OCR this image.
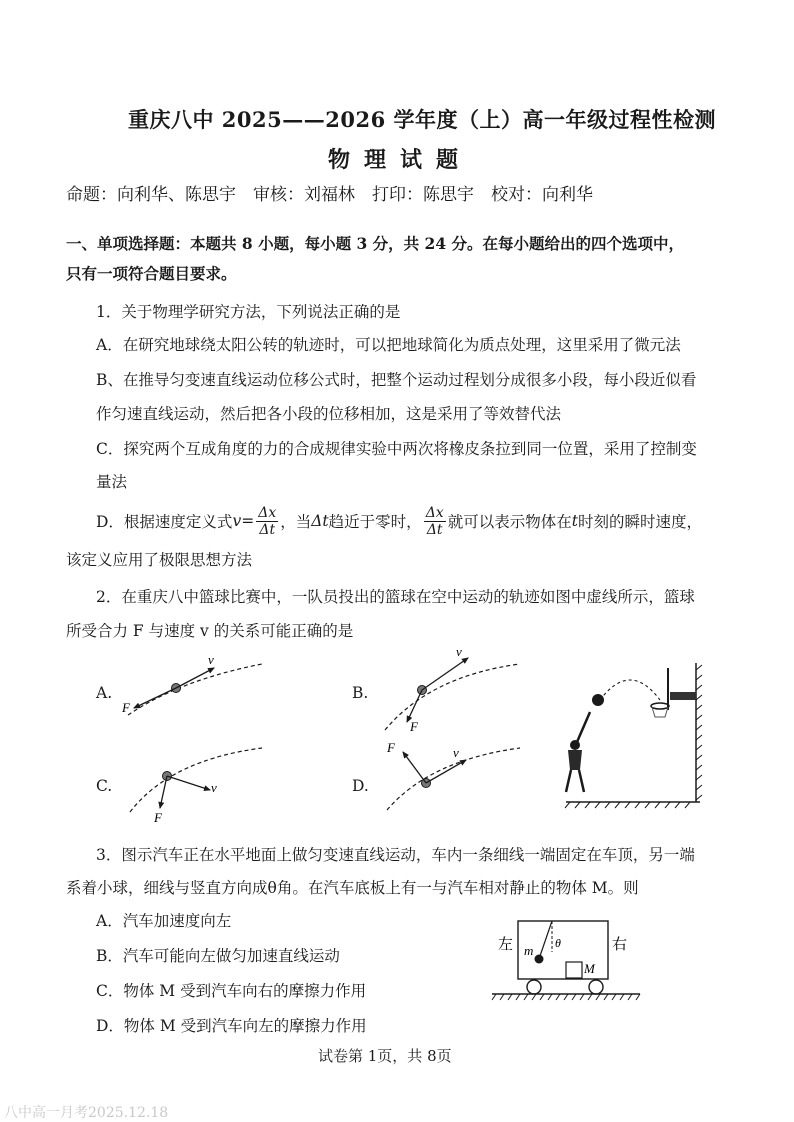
重庆八中 2025——2026 学年度（上）高一年级过程性检测
物理试题
命题：向利华、陈思宇　审核：刘福林　打印：陈思宇　校对：向利华
一、单项选择题：本题共 8 小题，每小题 3 分，共 24 分。在每小题给出的四个选项中，
只有一项符合题目要求。
1．关于物理学研究方法，下列说法正确的是
A．在研究地球绕太阳公转的轨迹时，可以把地球简化为质点处理，这里采用了微元法
B、在推导匀变速直线运动位移公式时，把整个运动过程划分成很多小段，每小段近似看
作匀速直线运动，然后把各小段的位移相加，这是采用了等效替代法
C．探究两个互成角度的力的合成规律实验中两次将橡皮条拉到同一位置，采用了控制变
量法
D．根据速度定义式 $v = \frac{\Delta x}{\Delta t}$ ，当 Δt 趋近于零时， $\frac{\Delta x}{\Delta t}$ 就可以表示物体在 t 时刻的瞬时速度，
该定义应用了极限思想方法
2．在重庆八中篮球比赛中，一队员投出的篮球在空中运动的轨迹如图中虚线所示，篮球
所受合力 F 与速度 v 的关系可能正确的是
A.	B.
C.	D.
v
F
v
F
v
F
v
F
左	右
m θ
M
3．图示汽车正在水平地面上做匀变速直线运动，车内一条细线一端固定在车顶，另一端
系着小球，细线与竖直方向成θ角。在汽车底板上有一与汽车相对静止的物体 M。则
A．汽车加速度向左
B．汽车可能向左做匀加速直线运动
C．物体 M 受到汽车向右的摩擦力作用
D．物体 M 受到汽车向左的摩擦力作用
试卷第 1页，共 8页
八中高一月考2025.12.18
